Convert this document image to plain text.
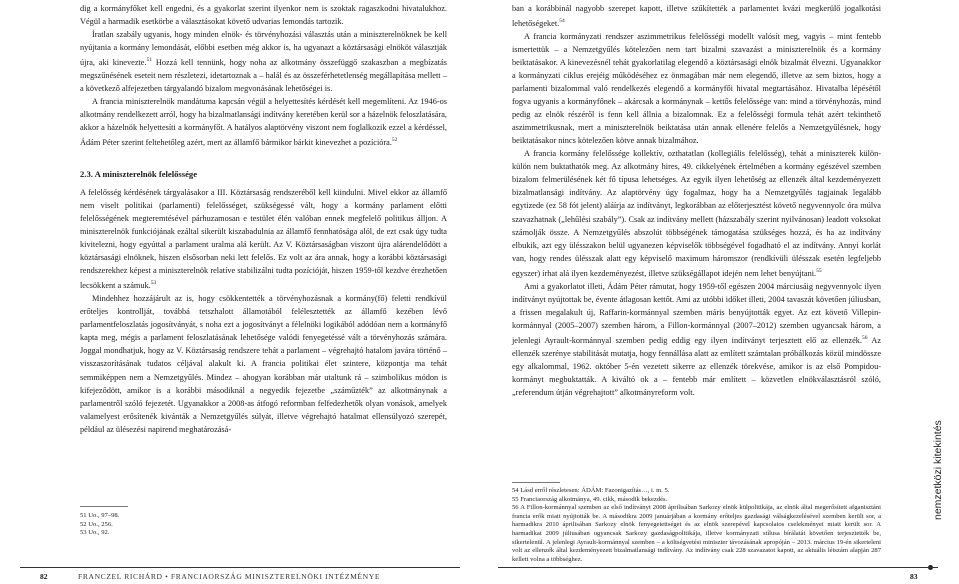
dig a kormányfőket kell engedni, és a gyakorlat szerint ilyenkor nem is szoktak ragaszkodni hivatalukhoz. Végül a harmadik esetkörbe a választásokat követő udvarias lemondás tartozik.

Íratlan szabály ugyanis, hogy minden elnök- és törvényhozási választás után a miniszterelnöknek be kell nyújtania a kormány lemondását, előbbi esetben még akkor is, ha ugyanazt a köztársasági elnököt választják újra, aki kinevezte.$^{51}$ Hozzá kell tennünk, hogy noha az alkotmány összefüggő szakaszban a megbízatás megszűnésének eseteit nem részletezi, idetartoznak a – halál és az összeférhetetlenség megállapítása mellett – a következő alfejezetben tárgyalandó bizalom megvonásának lehetőségei is.

A francia miniszterelnök mandátuma kapcsán végül a helyettesítés kérdését kell megemlíteni. Az 1946-os alkotmány rendelkezett arról, hogy ha bizalmatlansági indítvány keretében kerül sor a házelnök feloszlatására, akkor a házelnök helyettesíti a kormányfőt. A hatályos alaptörvény viszont nem foglalkozik ezzel a kérdéssel, Ádám Péter szerint feltehetőleg azért, mert az államfő bármikor bárkit kinevezhet a pozícióra.$^{52}$

2.3. A miniszterelnök felelőssége

A felelősség kérdésének tárgyalásakor a III. Köztársaság rendszeréből kell kiindulni. Mivel ekkor az államfő nem viselt politikai (parlamenti) felelősséget, szükségessé vált, hogy a kormány parlament előtti felelősségének megteremtésével párhuzamosan e testület élén valóban ennek megfelelő politikus álljon. A miniszterelnök funkciójának ezáltal sikerült kiszabadulnia az államfő fennhatósága alól, de ezt csak úgy tudta kivitelezni, hogy egyúttal a parlament uralma alá került. Az V. Köztársaságban viszont újra alárendelődött a köztársasági elnöknek, hiszen elsősorban neki lett felelős. Ez volt az ára annak, hogy a korábbi köztársasági rendszerekhez képest a miniszterelnök relatíve stabilizálni tudta pozícióját, hiszen 1959-től kezdve érezhetően lecsökkent a számuk.$^{53}$

Mindehhez hozzájárult az is, hogy csökkentették a törvényhozásnak a kormány(fő) feletti rendkívül erőteljes kontrollját, továbbá tetszhalott államotából felélesztették az államfő kezében lévő parlamentfeloszlatás jogosítványát, s noha ezt a jogosítványt a félelnöki logikából adódóan nem a kormányfő kapta meg, mégis a parlament feloszlatásának lehetősége valódi fenyegetéssé vált a törvényhozás számára. Joggal mondhatjuk, hogy az V. Köztársaság rendszere tehát a parlament – végrehajtó hatalom javára történő – visszaszorításának tudatos céljával alakult ki. A francia politikai élet szintere, központja ma tehát semmiképpen nem a Nemzetgyűlés. Mindez – ahogyan korábban már utaltunk rá – szimbolikus módon is kifejeződött, amikor is a korábbi másodiknál a negyedik fejezetbe „száműzték” az alkotmánynak a parlamentről szóló fejezetét. Ugyanakkor a 2008-as átfogó reformban felfedezhetők olyan vonások, amelyek valamelyest erősítenék kivánták a Nemzetgyűlés súlyát, illetve végrehajtó hatalmat ellensúlyozó szerepét, például az ülésezési napirend meghatározásá-

51 Uo., 97–98.

52 Uo., 256.

53 Uo., 92.

ban a korábbinál nagyobb szerepet kapott, illetve szűkítették a parlamentet kvázi megkerülő jogalkotási lehetőségeket.$^{54}$

A francia kormányzati rendszer aszimmetrikus felelősségi modellt valósít meg, vagyis – mint fentebb ismertettük – a Nemzetgyűlés kötelezően nem tart bizalmi szavazást a miniszterelnök és a kormány beiktatásakor. A kinevezésnél tehát gyakorlatilag elegendő a köztársasági elnök bizalmát élvezni. Ugyanakkor a kormányzati ciklus erejéig működéséhez ez önmagában már nem elegendő, illetve az sem biztos, hogy a parlamenti bizalommal való rendelkezés elegendő a kormányfői hivatal megtartásához. Hivatalba lépésétől fogva ugyanis a kormányfőnek – akárcsak a kormánynak – kettős felelőssége van: mind a törvényhozás, mind pedig az elnök részéről is fenn kell állnia a bizalomnak. Ez a felelősségi formula tehát azért tekinthető aszimmetrikusnak, mert a miniszterelnök beiktatása után annak ellenére felelős a Nemzetgyűlésnek, hogy beiktatásakor nincs kötelezően kötve annak bizalmához.

A francia kormány felelőssége kollektív, ozthatatlan (kollegiális felelősség), tehát a miniszterek külön-külön nem buktathatók meg. Az alkotmány hires, 49. cikkelyének értelmében a kormány egészével szemben bizalom felmerülésének két fő típusa lehetséges. Az egyik ilyen lehetőség az ellenzék által kezdeményezett bizalmatlansági indítvány. Az alaptörvény úgy fogalmaz, hogy ha a Nemzetgyűlés tagjainak legalább egytizede (ez 58 fót jelent) aláírja az indítványt, legkorábban az előterjesztést követő negyvennyolc óra múlva szavazhatnak („lehűlési szabály”). Csak az indítvány mellett (házszabály szerint nyilvánosan) leadott voksokat számolják össze. A Nemzetgyűlés abszolút többségének támogatása szükséges hozzá, és ha az indítvány elbukik, azt egy ülésszakon belül ugyanezen képviselők többségével fogadható el az indítvány. Annyi korlát van, hogy rendes ülésszak alatt egy képviselő maximum háromszor (rendkívüli ülésszak esetén legfeljebb egyszer) írhat alá ilyen kezdeményezést, illetve szükségállapot idején nem lehet benyújtani.$^{55}$

Ami a gyakorlatot illeti, Ádám Péter rámutat, hogy 1959-től egészen 2004 márciusáig negyvennyolc ilyen indítványt nyújtottak be, évente átlagosan kettőt. Ami az utóbbi időket illeti, 2004 tavaszát követően júliusban, a frissen megalakult új, Raffarin-kormánnyal szemben máris benyújtották egyet. Az ezt követő Villepin-kormánnyal (2005–2007) szemben három, a Fillon-kormánnyal (2007–2012) szemben ugyancsak három, a jelenlegi Ayrault-kormánnyal szemben pedig eddig egy ilyen indítványt terjesztett elő az ellenzék.$^{56}$ Az ellenzék szerénye stabilitását mutatja, hogy fennállása alatt az említett számtalan próbálkozás közül mindössze egy alkalommal, 1962. október 5-én vezetett sikerre az ellenzék törekvése, amikor is az első Pompidou-kormányt megbuktatták. A kiváltó ok a – fentebb már említett – közvetlen elnökválasztásról szóló, „referendum útján végrehajtott” alkotmányreform volt.

54 Lásd erről részletesen: ÁDÁM: Fazonigazítás…, i. m. 5.

55 Franciaország alkotmánya, 49. cikk, második bekezdés.

56 A Fillon-kormánnyal szemben az első indítványt 2008 áprilisában Sarkozy elnök külpolitikája, az elnök által megerősített afganisztáni francia erők miatt nyújtották be. A másodikra 2009 januárjában a kormány erőteljes gazdasági válságkezelésével szemben került sor, a harmadikra 2010 áprilisában Sarkozy elnök fenyegetettséget és az elnök szerepével kapcsolatos cselekményei miatt került sor. A harmadikat 2009 júliusában ugyancsak Sarkozy gazdaságpolitikája, illetve kormányzati stílusa bírálatát követően terjesztették be, sikertelenül. A jelenlegi Ayrault-kormánnyal szemben – a költségvetési miniszter távozásának apropóján – 2013. március 19-én sikerteleni volt az ellenzék által kezdeményezett bizalmatlansági indítvány. Az indítvány csak 228 szavazatot kapott, az aktuális létszám alapján 287 kellett volna a többséghez.

nemzetközi kitekintés
82	FRANCZEL RICHÁRD • FRANCIAORSZÁG MINISZTERELNÖKI INTÉZMÉNYE	83
